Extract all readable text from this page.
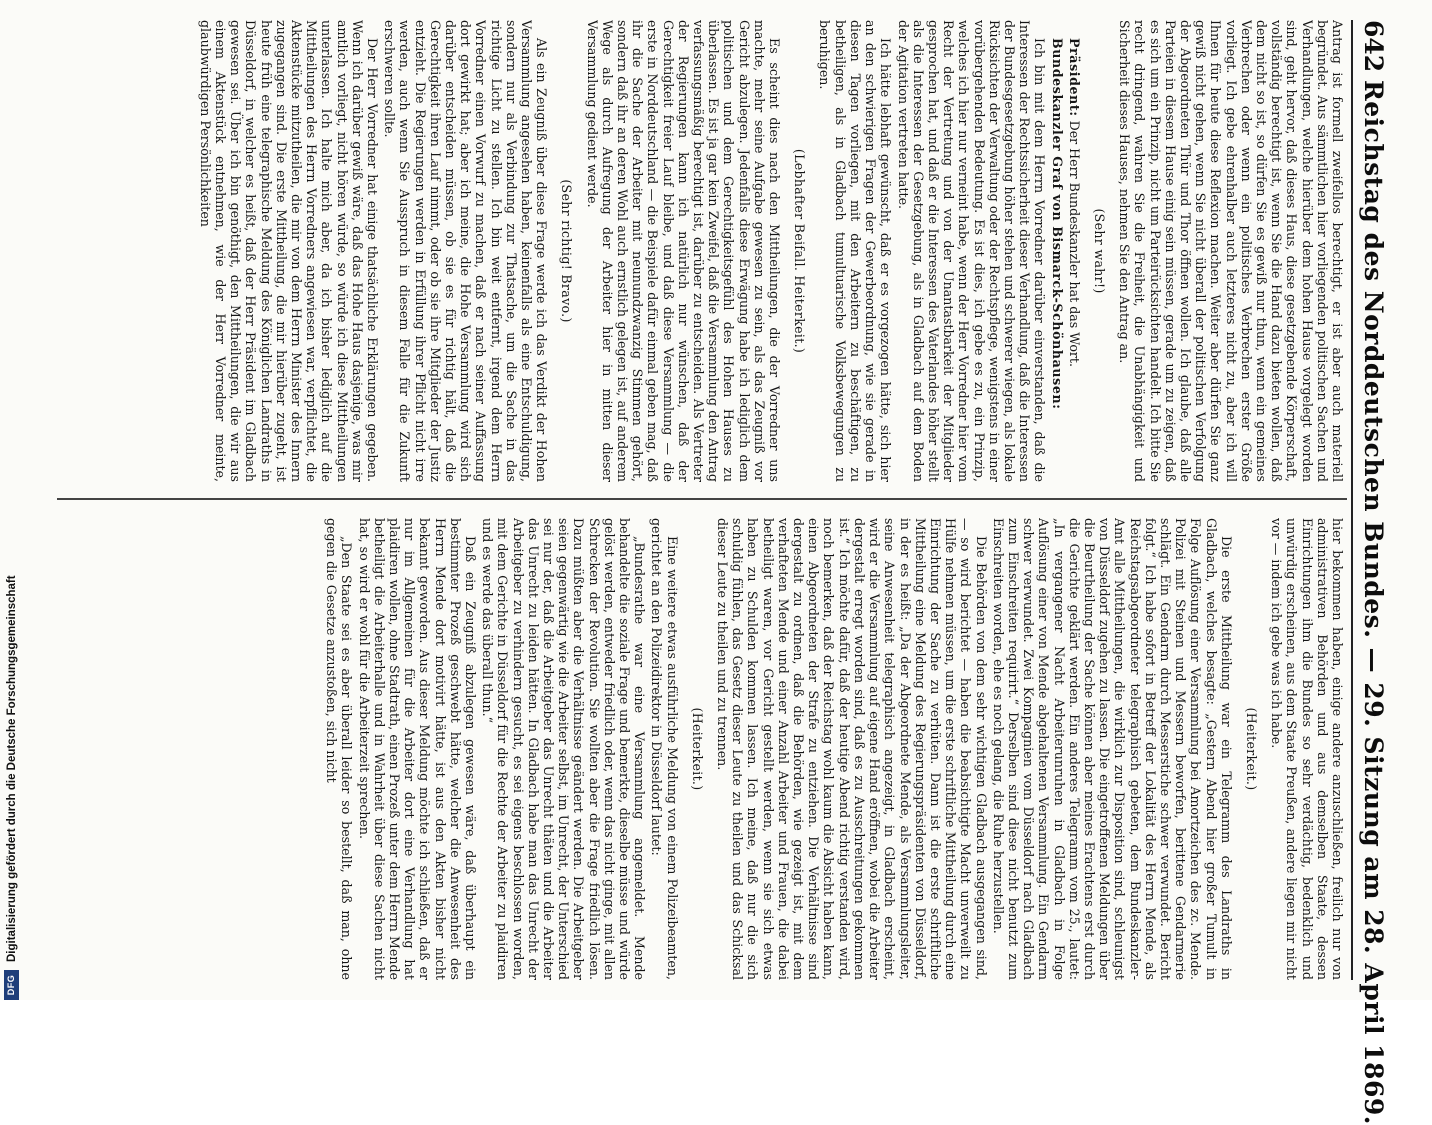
642
Reichstag des Norddeutschen Bundes. — 29. Sitzung am 28. April 1869.

Antrag ist formell zweifellos berechtigt, er ist aber auch materiell begründet. Aus sämmtlichen hier vorliegenden politischen Sachen und Verhandlungen, welche hierüber dem hohen Hause vorgelegt worden sind, geht hervor, daß dieses Haus, diese gesetzgebende Körperschaft, vollständig berechtigt ist, wenn Sie die Hand dazu bieten wollen, daß dem nicht so ist, so dürfen Sie es gewiß nur thun, wenn ein gemeines Verbrechen oder wenn ein politisches Verbrechen erster Größe vorliegt. Ich gebe ehrenhalber auch letzteres nicht zu, aber ich will Ihnen für heute diese Reflexion machen. Weiter aber dürfen Sie ganz gewiß nicht gehen, wenn Sie nicht überall der politischen Verfolgung der Abgeordneten Thür und Thor öffnen wollen. Ich glaube, daß alle Parteien in diesem Hause einig sein müssen, gerade um zu zeigen, daß es sich um ein Prinzip, nicht um Parteirücksichten handelt. Ich bitte Sie recht dringend, wahren Sie die Freiheit, die Unabhängigkeit und Sicherheit dieses Hauses, nehmen Sie den Antrag an.

(Sehr wahr!)

Präsident: Der Herr Bundeskanzler hat das Wort.

Bundeskanzler Graf von Bismarck-Schönhausen:

Ich bin mit dem Herrn Vorredner darüber einverstanden, daß die Interessen der Rechtssicherheit dieser Verhandlung, daß die Interessen der Bundesgesetzgebung höher stehen und schwerer wiegen, als lokale Rücksichten der Verwaltung oder der Rechtspflege, wenigstens in einer vorübergehenden Bedeutung. Es ist dies, ich gebe es zu, ein Prinzip, welches ich hier nur verneint habe, wenn der Herr Vorredner hier vom Recht der Vertretung und von der Unantastbarkeit der Mitglieder gesprochen hat, und daß er die Interessen des Vaterlandes höher stellt als die Interessen der Gesetzgebung, als in Gladbach auf dem Boden der Agitation vertreten hatte.

Ich hätte lebhaft gewünscht, daß er es vorgezogen hätte, sich hier an den schwierigen Fragen der Gewerbeordnung, wie sie gerade in diesen Tagen vorliegen, mit den Arbeitern zu beschäftigen, zu betheiligen, als in Gladbach tumultuarische Volksbewegungen zu beruhigen.

(Lebhafter Beifall. Heiterkeit.)

Es scheint dies nach den Mittheilungen, die der Vorredner uns machte, mehr seine Aufgabe gewesen zu sein, als das Zeugniß vor Gericht abzulegen. Jedenfalls diese Erwägung habe ich lediglich dem politischen und dem Gerechtigkeitsgefühl des Hohen Hauses zu überlassen. Es ist ja gar kein Zweifel, daß die Versammlung den Antrag verfassungsmäßig berechtigt ist, darüber zu entscheiden. Als Vertreter der Regierungen kann ich natürlich nur wünschen, daß der Gerechtigkeit freier Lauf bleibe, und daß diese Versammlung — die erste in Norddeutschland — die Beispiele dafür einmal geben mag, daß ihr die Sache der Arbeiter mit neunundzwanzig Stimmen gehört, sondern daß ihr an deren Wohl auch ernstlich gelegen ist, auf anderem Wege als durch Aufregung der Arbeiter hier in mitten dieser Versammlung gedient werde.

(Sehr richtig! Bravo.)

Als ein Zeugniß über diese Frage werde ich das Verdikt der Hohen Versammlung angesehen haben, keinenfalls als eine Entschuldigung, sondern nur als Verbindung zur Thatsache, um die Sache in das richtige Licht zu stellen. Ich bin weit entfernt, irgend dem Herrn Vorredner einen Vorwurf zu machen, daß er nach seiner Auffassung dort gewirkt hat; aber ich meine, die Hohe Versammlung wird sich darüber entscheiden müssen, ob sie es für richtig hält, daß die Gerechtigkeit ihren Lauf nimmt, oder ob sie ihre Mitglieder der Justiz entzieht. Die Regierungen werden in Erfüllung ihrer Pflicht nicht irre werden, auch wenn Sie Ausspruch in diesem Falle für die Zukunft erschweren sollte.

Der Herr Vorredner hat einige thatsächliche Erklärungen gegeben. Wenn ich darüber gewiß wäre, daß das Hohe Haus dasjenige, was mir amtlich vorliegt, nicht hören würde, so würde ich diese Mittheilungen unterlassen. Ich halte mich aber, da ich bisher lediglich auf die Mittheilungen des Herrn Vorredners angewiesen war, verpflichtet, die Aktenstücke mitzutheilen, die mir von dem Herrn Minister des Innern zugegangen sind. Die erste Mittheilung, die mir hierüber zugeht, ist heute früh eine telegraphische Meldung des Königlichen Landraths in Düsseldorf, in welcher es heißt, daß der Herr Präsident im Gladbach gewesen sei. Über ich bin genöthigt, den Mittheilungen, die wir aus einem Aktenstück entnehmen, wie der Herr Vorredner meinte, glaubwürdigen Persönlichkeiten

hier bekommen haben, einige andere anzuschließen, freilich nur von administrativen Behörden und aus demselben Staate, dessen Einrichtungen ihm die Bundes so sehr verdächtig, bedenklich und unwürdig erscheinen, aus dem Staate Preußen, andere liegen mir nicht vor — indem ich gebe was ich habe.

(Heiterkeit.)

Die erste Mittheilung war ein Telegramm des Landraths in Gladbach, welches besagte: „Gestern Abend hier großer Tumult in Folge Auflösung einer Versammlung bei Amortzeichen des zc. Mende. Polizei mit Steinen und Messern beworfen, berittene Gendarmerie schlägt. Ein Gendarm durch Messerstiche schwer verwundet. Bericht folgt.“ Ich habe sofort in Betreff der Lokalität des Herrn Mende, als Reichstagsabgeordneter telegraphisch gebeten, dem Bundeskanzler-Amt alle Mittheilungen, die wirklich zur Disposition sind, schleunigst von Düsseldorf zugehen zu lassen. Die eingetroffenen Meldungen über die Beurtheilung der Sache können aber meines Erachtens erst durch die Gerichte geklärt werden. Ein anderes Telegramm vom 25., lautet: „In vergangener Nacht Arbeiterunruhen in Gladbach in Folge Auflösung einer von Mende abgehaltenen Versammlung. Ein Gendarm schwer verwundet. Zwei Kompagnien vom Düsseldorf nach Gladbach zum Einschreiten requirirt.“ Derselben sind diese nicht benutzt zum Einschreiten worden, ehe es noch gelang, die Ruhe herzustellen.

Die Behörden von dem sehr wichtigen Gladbach ausgegangen sind, — so wird berichtet — haben die beabsichtigte Macht unverweilt zu Hülfe nehmen müssen, um die erste schriftliche Mittheilung durch eine Einrichtung der Sache zu verhüten. Dann ist die erste schriftliche Mittheilung eine Meldung des Regierungspräsidenten von Düsseldorf, in der es heißt: „Da der Abgeordnete Mende, als Versammlungsleiter, seine Anwesenheit telegraphisch angezeigt, in Gladbach erscheint, wird er die Versammlung auf eigene Hand eröffnen, wobei die Arbeiter dergestalt erregt worden sind, daß es zu Ausschreitungen gekommen ist.“ Ich möchte dafür, daß der heutige Abend richtig verstanden wird, noch bemerken, daß der Reichstag wohl kaum die Absicht haben kann, einen Abgeordneten der Strafe zu entziehen. Die Verhältnisse sind dergestalt zu ordnen, daß die Behörden, wie gezeigt ist, mit dem verhafteten Mende und einer Anzahl Arbeiter und Frauen, die dabei betheiligt waren, vor Gericht gestellt werden, wenn sie sich etwas haben zu Schulden kommen lassen. Ich meine, daß nur die sich schuldig fühlen, das Gesetz dieser Leute zu theilen und das Schicksal dieser Leute zu theilen und zu trennen.

(Heiterkeit.)

Eine weitere etwas ausführliche Meldung von einem Polizeibeamten, gerichtet an den Polizeidirektor in Düsseldorf lautet:

„Bundesrathe war eine Versammlung angemeldet. Mende behandelte die soziale Frage und bemerkte, dieselbe müsse und würde gelöst werden, entweder friedlich oder, wenn das nicht ginge, mit allen Schrecken der Revolution. Sie wollten aber die Frage friedlich lösen. Dazu müßten aber die Verhältnisse geändert werden. Die Arbeitgeber seien gegenwärtig wie die Arbeiter selbst, im Unrecht, der Unterschied sei nur der, daß die Arbeitgeber das Unrecht thäten und die Arbeiter das Unrecht zu leiden hätten. In Gladbach habe man das Unrecht der Arbeitgeber zu verhindern gesucht, es sei eigens beschlossen worden, mit dem Gerichte in Düsseldorf für die Rechte der Arbeiter zu plaidiren und es werde das überall thun.“

Daß ein Zeugniß abzulegen gewesen wäre, daß überhaupt ein bestimmter Prozeß geschwebt hätte, welcher die Anwesenheit des Herrn Mende dort motivirt hätte, ist aus den Akten bisher nicht bekannt geworden. Aus dieser Meldung möchte ich schließen, daß er nur im Allgemeinen für die Arbeiter dort eine Verhandlung hat plaidiren wollen, ohne Stadtrath, einen Prozeß unter dem Herrn Mende betheiligt die Arbeiterhalle und in Wahrheit über diese Sachen nicht hat, so wird er wohl für die Arbeiterzeit sprechen.

„Den Staate sei es aber überall leider so bestellt, daß man, ohne gegen die Gesetze anzustoßen, sich nicht

DFG
Digitalisierung gefördert durch die Deutsche Forschungsgemeinschaft
